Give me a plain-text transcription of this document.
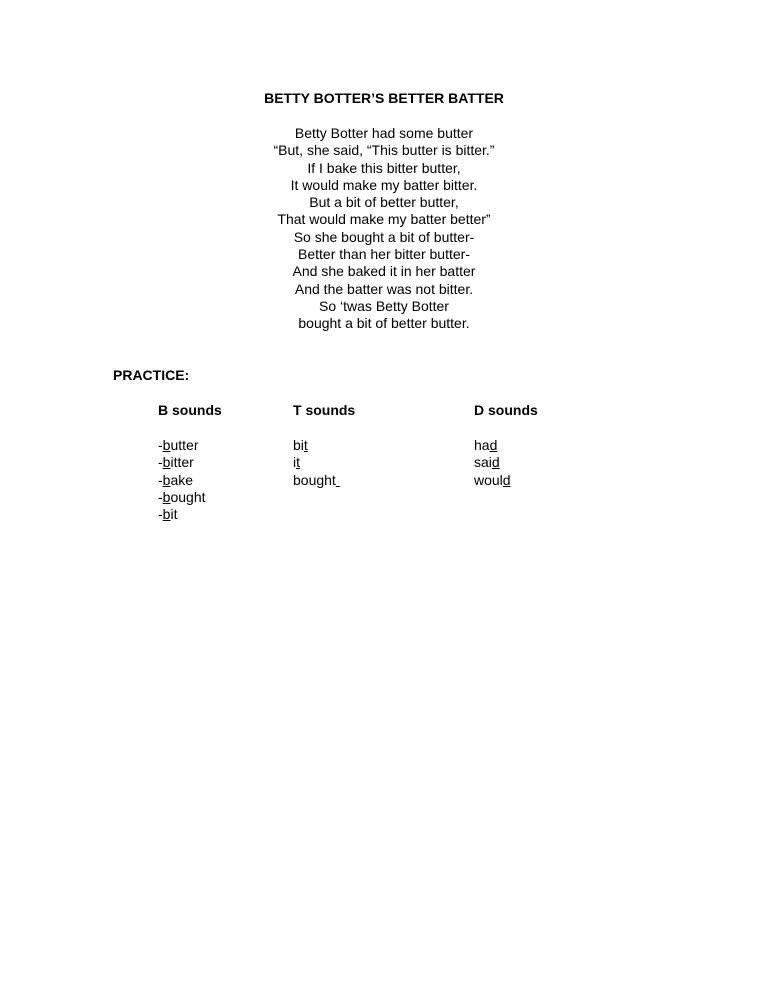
BETTY BOTTER’S BETTER BATTER
Betty Botter had some butter
“But, she said, “This butter is bitter.”
If I bake this bitter butter,
It would make my batter bitter.
But a bit of better butter,
That would make my batter better”
So she bought a bit of butter-
Better than her bitter butter-
And she baked it in her batter
And the batter was not bitter.
So ‘twas Betty Botter
bought a bit of better butter.
PRACTICE:
B sounds
-butter
-bitter
-bake
-bought
-bit
T sounds
bit
it
bought
D sounds
had
said
would
